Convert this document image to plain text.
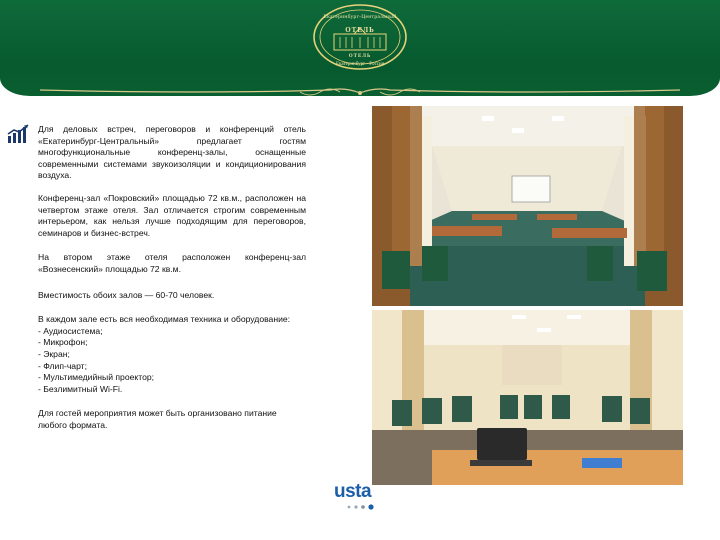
Екатеринбург-Центральный
ОТЕЛЬ
ОТЕЛЬ
Екатеринбург · Россия

Для деловых встреч, переговоров и конференций отель «Екатеринбург-Центральный» предлагает гостям многофункциональные конференц-залы, оснащенные современными системами звукоизоляции и кондиционирования воздуха.

Конференц-зал «Покровский» площадью 72 кв.м., расположен на четвертом этаже отеля. Зал отличается строгим современным интерьером, как нельзя лучше подходящим для переговоров, семинаров и бизнес-встреч.

На втором этаже отеля расположен конференц-зал «Вознесенский» площадью 72 кв.м.

Вместимость обоих залов — 60-70 человек.

В каждом зале есть вся необходимая техника и оборудование:

- Аудиосистема;
- Микрофон;
- Экран;
- Флип-чарт;
- Мультимедийный проектор;
- Безлимитный Wi-Fi.

Для гостей мероприятия может быть организовано питание любого формата.

usta
